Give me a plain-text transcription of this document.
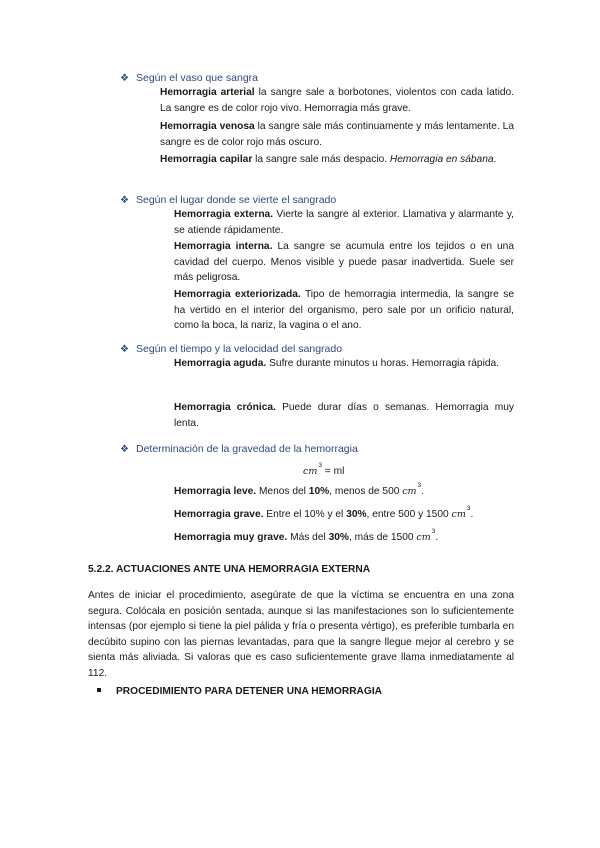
❖ Según el vaso que sangra
Hemorragia arterial la sangre sale a borbotones, violentos con cada latido. La sangre es de color rojo vivo. Hemorragia más grave.
Hemorragia venosa la sangre sale más continuamente y más lentamente. La sangre es de color rojo más oscuro.
Hemorragia capilar la sangre sale más despacio. Hemorragia en sábana.
❖ Según el lugar donde se vierte el sangrado
Hemorragia externa. Vierte la sangre al exterior. Llamativa y alarmante y, se atiende rápidamente.
Hemorragia interna. La sangre se acumula entre los tejidos o en una cavidad del cuerpo. Menos visible y puede pasar inadvertida. Suele ser más peligrosa.
Hemorragia exteriorizada. Tipo de hemorragia intermedia, la sangre se ha vertido en el interior del organismo, pero sale por un orificio natural, como la boca, la nariz, la vagina o el ano.
❖ Según el tiempo y la velocidad del sangrado
Hemorragia aguda. Sufre durante minutos u horas. Hemorragia rápida.
Hemorragia crónica. Puede durar días o semanas. Hemorragia muy lenta.
❖ Determinación de la gravedad de la hemorragia
$cm^3$ = ml
Hemorragia leve. Menos del 10%, menos de 500 $cm^3$.
Hemorragia grave. Entre el 10% y el 30%, entre 500 y 1500 $cm^3$.
Hemorragia muy grave. Más del 30%, más de 1500 $cm^3$.
5.2.2. ACTUACIONES ANTE UNA HEMORRAGIA EXTERNA
Antes de iniciar el procedimiento, asegúrate de que la víctima se encuentra en una zona segura. Colócala en posición sentada, aunque si las manifestaciones son lo suficientemente intensas (por ejemplo si tiene la piel pálida y fría o presenta vértigo), es preferible tumbarla en decúbito supino con las piernas levantadas, para que la sangre llegue mejor al cerebro y se sienta más aliviada. Si valoras que es caso suficientemente grave llama inmediatamente al 112.
PROCEDIMIENTO PARA DETENER UNA HEMORRAGIA
